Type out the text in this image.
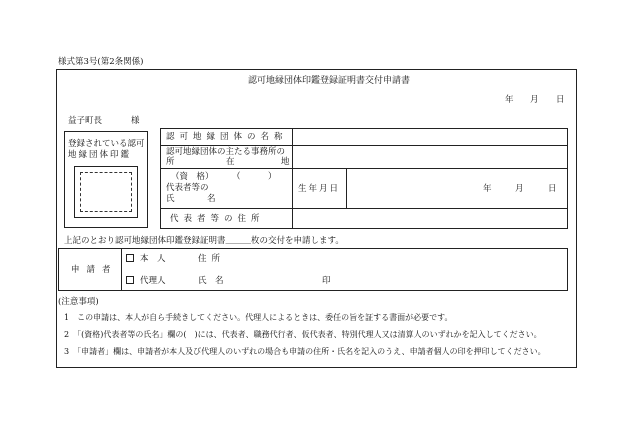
様式第3号(第2条関係)
認可地縁団体印鑑登録証明書交付申請書
年 月 日
益子町長	様
登録されている認可
地縁団体印鑑
認可地縁団体の名称
認可地縁団体の主たる事務所の
所	在	地
（資　格） （	）
代表者等の
氏	名
生年月日	年	月	日
代表者等の住所
上記のとおり認可地縁団体印鑑登録証明書＿＿＿枚の交付を申請します。
申請者
本　人	住所
代理人	氏　名	印
(注意事項)
1　この申請は、本人が自ら手続きしてください。代理人によるときは、委任の旨を証する書面が必要です。
2　「(資格)代表者等の氏名」欄の(　)には、代表者、職務代行者、仮代表者、特別代理人又は清算人のいずれかを記入してください。
3　「申請者」欄は、申請者が本人及び代理人のいずれの場合も申請の住所・氏名を記入のうえ、申請者個人の印を押印してください。
